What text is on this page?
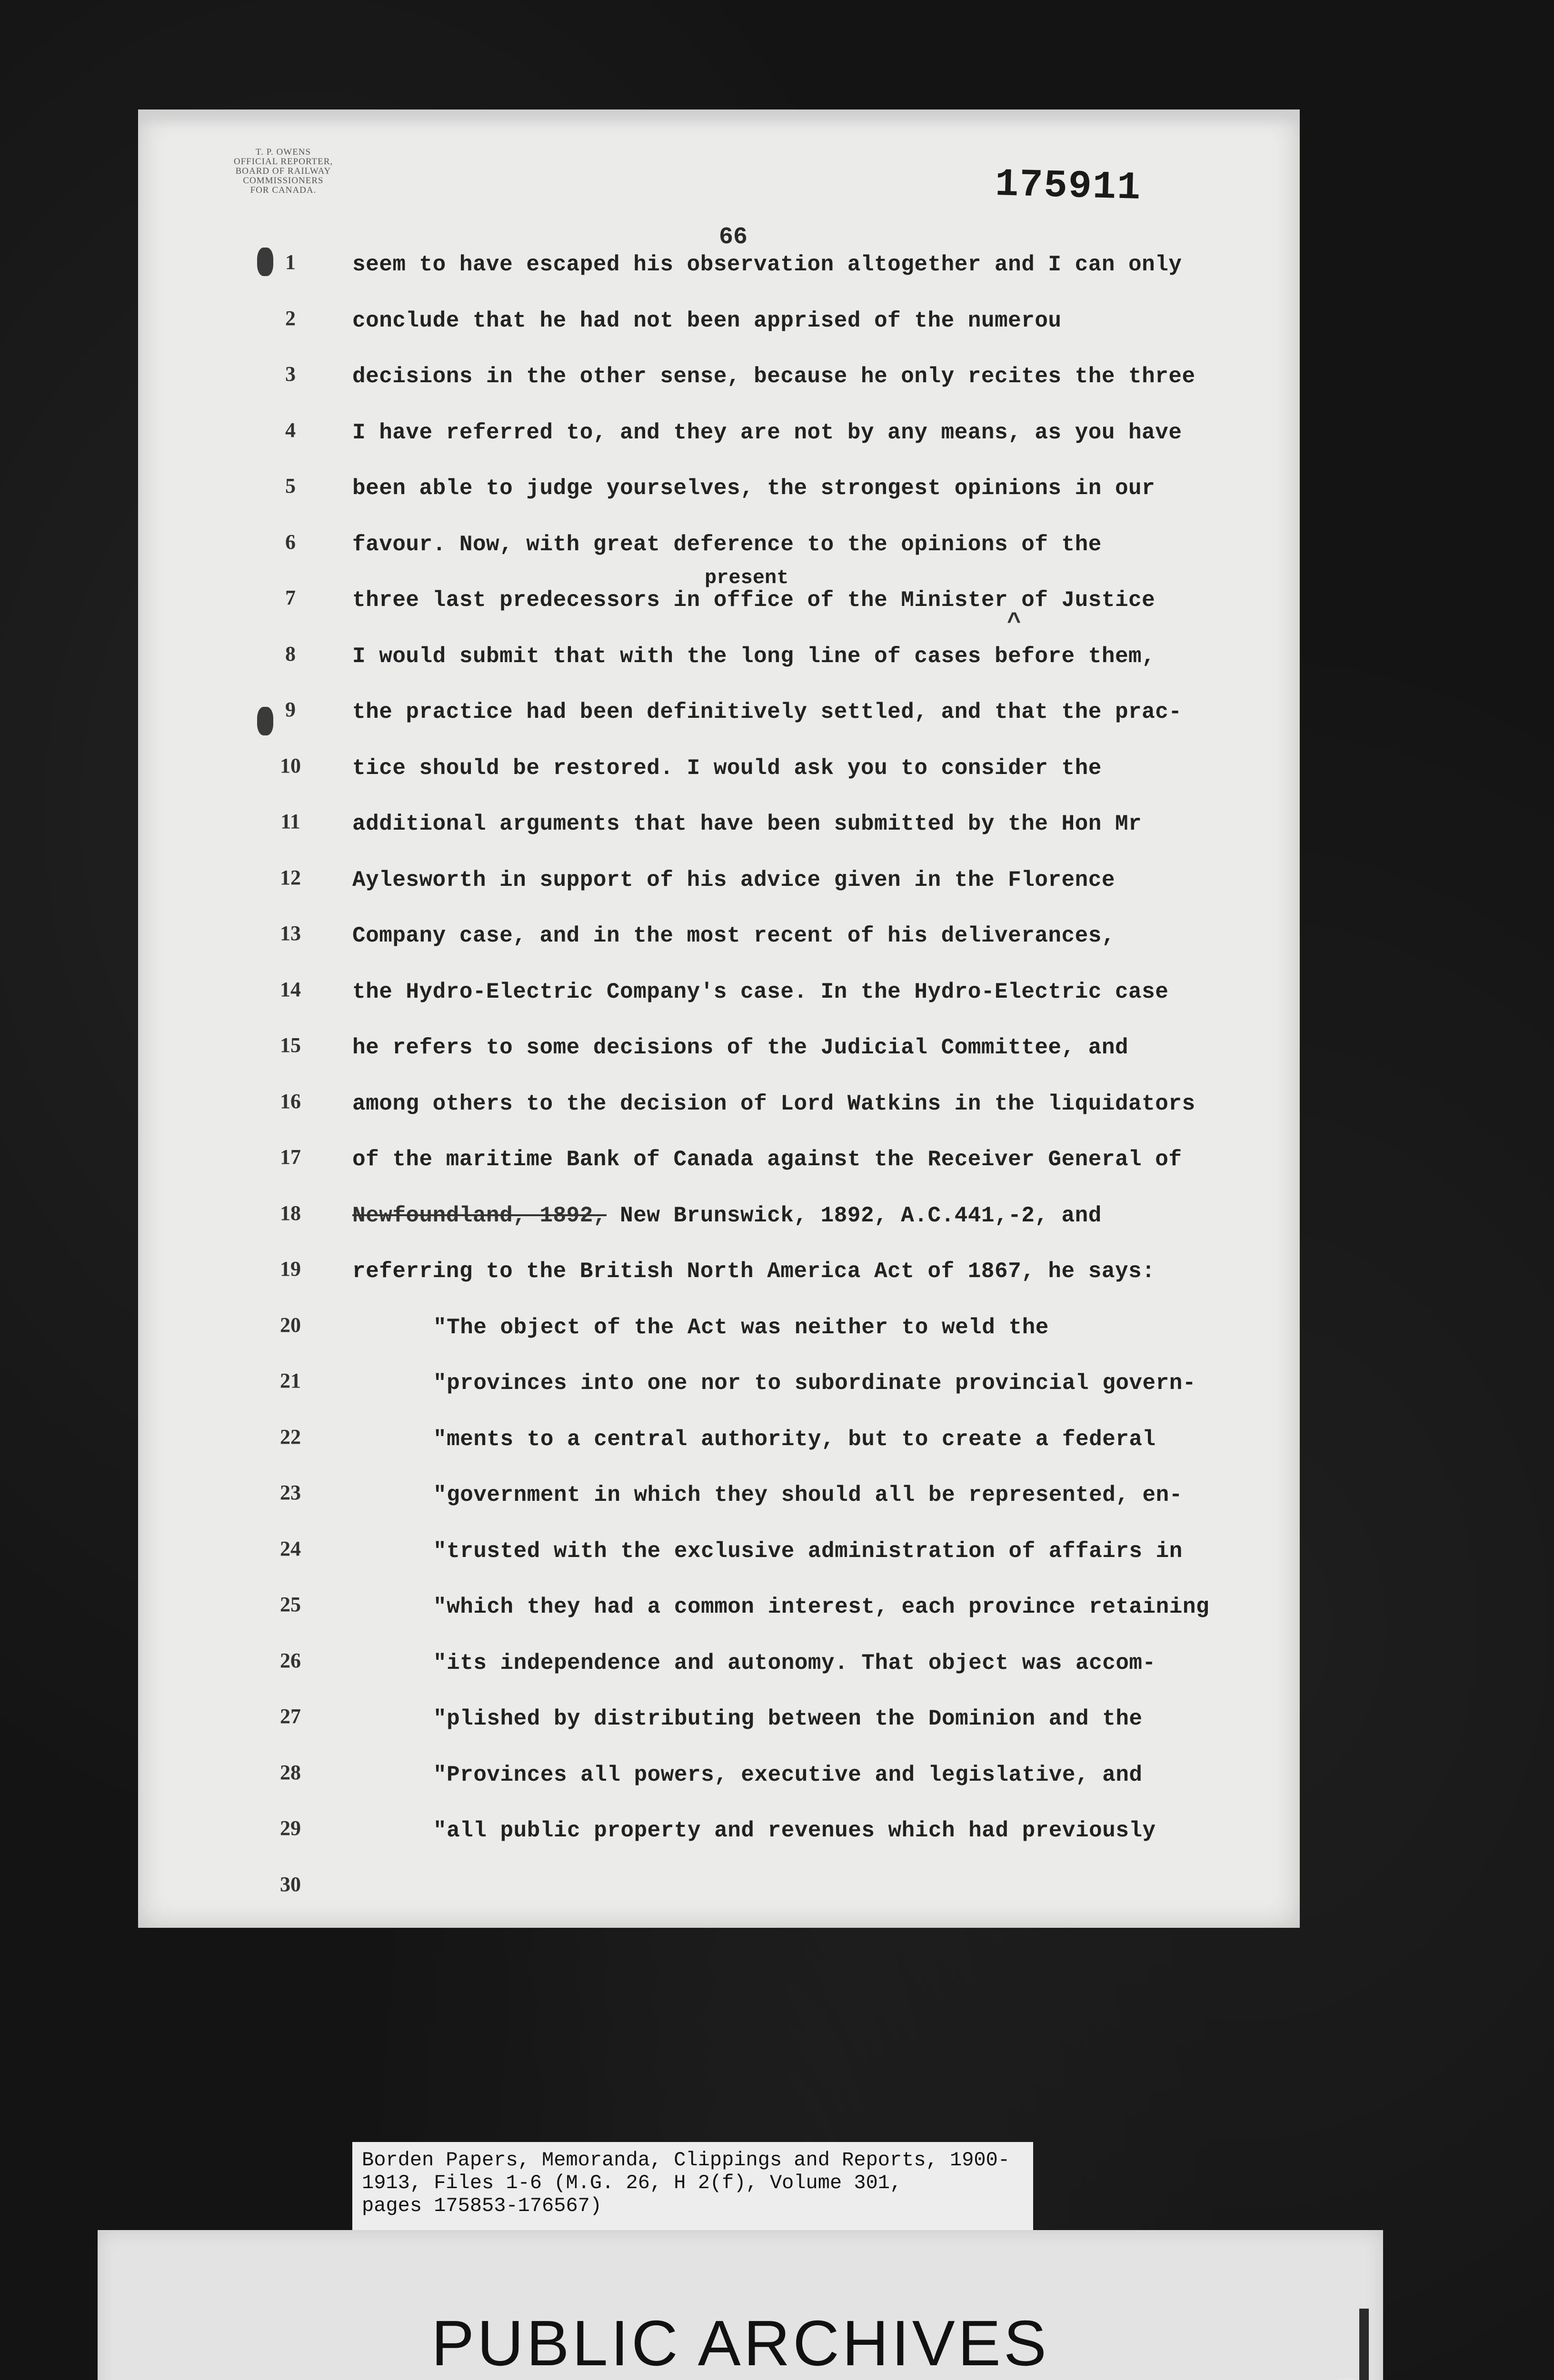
T. P. OWENS
OFFICIAL REPORTER,
BOARD OF RAILWAY
COMMISSIONERS
FOR CANADA.	175911
66
1
2
3
4
5
6
7
8
9
10
11
12
13
14
15
16
17
18
19
20
21
22
23
24
25
26
27
28
29
30
seem to have escaped his observation altogether and I can only
conclude that he had not been apprised of the numerou
decisions in the other sense, because he only recites the three
I have referred to, and they are not by any means, as you have
been able to judge yourselves, the strongest opinions in our
favour. Now, with great deference to the opinions of the
three last predecessors in office of the Minister of Justice
I would submit that with the long line of cases before them,
the practice had been definitively settled, and that the prac-
tice should be restored. I would ask you to consider the
additional arguments that have been submitted by the Hon Mr
Aylesworth in support of his advice given in the Florence
Company case, and in the most recent of his deliverances,
the Hydro-Electric Company's case. In the Hydro-Electric case
he refers to some decisions of the Judicial Committee, and
among others to the decision of Lord Watkins in the liquidators
of the maritime Bank of Canada against the Receiver General of
Newfoundland, 1892, New Brunswick, 1892, A.C.441,-2, and
referring to the British North America Act of 1867, he says:
"The object of the Act was neither to weld the
"provinces into one nor to subordinate provincial govern-
"ments to a central authority, but to create a federal
"government in which they should all be represented, en-
"trusted with the exclusive administration of affairs in
"which they had a common interest, each province retaining
"its independence and autonomy. That object was accom-
"plished by distributing between the Dominion and the
"Provinces all powers, executive and legislative, and
"all public property and revenues which had previously
present
^
Borden Papers, Memoranda, Clippings and Reports, 1900-
1913, Files 1-6 (M.G. 26, H 2(f), Volume 301,
pages 175853-176567)
PUBLIC ARCHIVES
